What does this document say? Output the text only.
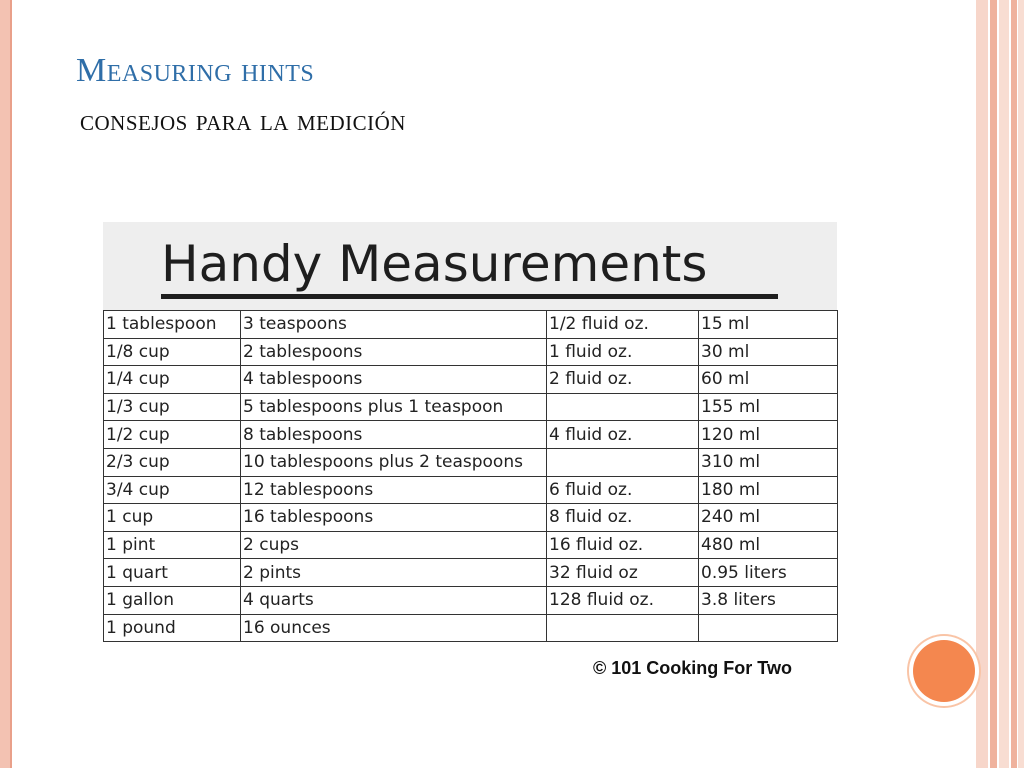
Measuring hints
consejos para la medición
Handy Measurements
1 tablespoon	3 teaspoons	1/2 fluid oz.	15 ml
1/8 cup	2 tablespoons	1 fluid oz.	30 ml
1/4 cup	4 tablespoons	2 fluid oz.	60 ml
1/3 cup	5 tablespoons plus 1 teaspoon		155 ml
1/2 cup	8 tablespoons	4 fluid oz.	120 ml
2/3 cup	10 tablespoons plus 2 teaspoons		310 ml
3/4 cup	12 tablespoons	6 fluid oz.	180 ml
1 cup	16 tablespoons	8 fluid oz.	240 ml
1 pint	2 cups	16 fluid oz.	480 ml
1 quart	2 pints	32 fluid oz	0.95 liters
1 gallon	4 quarts	128 fluid oz.	3.8 liters
1 pound	16 ounces		
© 101 Cooking For Two
